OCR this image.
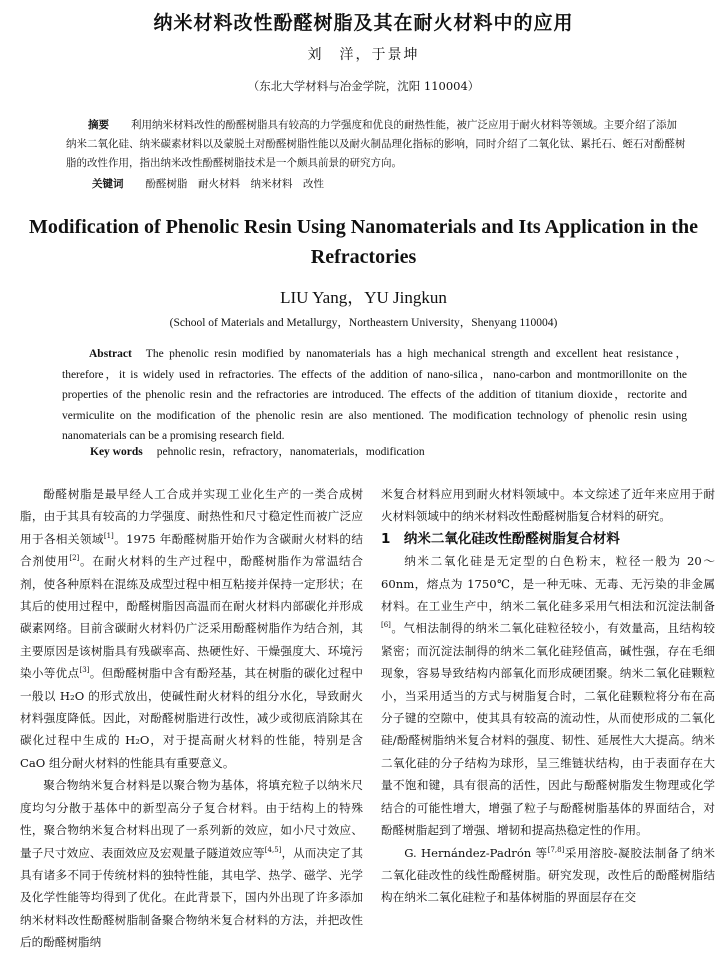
纳米材料改性酚醛树脂及其在耐火材料中的应用
刘　洋，于景坤
（东北大学材料与冶金学院，沈阳 110004）
摘要 利用纳米材料改性的酚醛树脂具有较高的力学强度和优良的耐热性能，被广泛应用于耐火材料等领域。主要介绍了添加纳米二氧化硅、纳米碳素材料以及蒙脱土对酚醛树脂性能以及耐火制品理化指标的影响，同时介绍了二氧化钛、累托石、蛭石对酚醛树脂的改性作用，指出纳米改性酚醛树脂技术是一个颇具前景的研究方向。
关键词 酚醛树脂　耐火材料　纳米材料　改性
Modification of Phenolic Resin Using Nanomaterials and Its Application in the Refractories
LIU Yang，YU Jingkun
(School of Materials and Metallurgy，Northeastern University，Shenyang 110004)
Abstract The phenolic resin modified by nanomaterials has a high mechanical strength and excellent heat resistance，therefore，it is widely used in refractories. The effects of the addition of nano-silica，nano-carbon and montmorillonite on the properties of the phenolic resin and the refractories are introduced. The effects of the addition of titanium dioxide，rectorite and vermiculite on the modification of the phenolic resin are also mentioned. The modification technology of phenolic resin using nanomaterials can be a promising research field.
Key words pehnolic resin，refractory，nanomaterials，modification

酚醛树脂是最早经人工合成并实现工业化生产的一类合成树脂，由于其具有较高的力学强度、耐热性和尺寸稳定性而被广泛应用于各相关领域[1]。1975 年酚醛树脂开始作为含碳耐火材料的结合剂使用[2]。在耐火材料的生产过程中，酚醛树脂作为常温结合剂，使各种原料在混练及成型过程中相互粘接并保持一定形状；在其后的使用过程中，酚醛树脂因高温而在耐火材料内部碳化并形成碳素网络。目前含碳耐火材料仍广泛采用酚醛树脂作为结合剂，其主要原因是该树脂具有残碳率高、热硬性好、干燥强度大、环境污染小等优点[3]。但酚醛树脂中含有酚羟基，其在树脂的碳化过程中一般以 H₂O 的形式放出，使碱性耐火材料的组分水化，导致耐火材料强度降低。因此，对酚醛树脂进行改性，减少或彻底消除其在碳化过程中生成的 H₂O，对于提高耐火材料的性能，特别是含 CaO 组分耐火材料的性能具有重要意义。

聚合物纳米复合材料是以聚合物为基体，将填充粒子以纳米尺度均匀分散于基体中的新型高分子复合材料。由于结构上的特殊性，聚合物纳米复合材料出现了一系列新的效应，如小尺寸效应、量子尺寸效应、表面效应及宏观量子隧道效应等[4,5]，从而决定了其具有诸多不同于传统材料的独特性能，其电学、热学、磁学、光学及化学性能等均得到了优化。在此背景下，国内外出现了许多添加纳米材料改性酚醛树脂制备聚合物纳米复合材料的方法，并把改性后的酚醛树脂纳

米复合材料应用到耐火材料领域中。本文综述了近年来应用于耐火材料领域中的纳米材料改性酚醛树脂复合材料的研究。

1　纳米二氧化硅改性酚醛树脂复合材料

纳米二氧化硅是无定型的白色粉末，粒径一般为 20～60nm，熔点为 1750℃，是一种无味、无毒、无污染的非金属材料。在工业生产中，纳米二氧化硅多采用气相法和沉淀法制备[6]。气相法制得的纳米二氧化硅粒径较小，有效量高，且结构较紧密；而沉淀法制得的纳米二氧化硅羟值高，碱性强，存在毛细现象，容易导致结构内部氧化而形成硬团聚。纳米二氧化硅颗粒小，当采用适当的方式与树脂复合时，二氧化硅颗粒将分布在高分子键的空隙中，使其具有较高的流动性，从而使形成的二氧化硅/酚醛树脂纳米复合材料的强度、韧性、延展性大大提高。纳米二氧化硅的分子结构为球形，呈三维链状结构，由于表面存在大量不饱和键，具有很高的活性，因此与酚醛树脂发生物理或化学结合的可能性增大，增强了粒子与酚醛树脂基体的界面结合，对酚醛树脂起到了增强、增韧和提高热稳定性的作用。

G. Hernández-Padrón 等[7,8]采用溶胶-凝胶法制备了纳米二氧化硅改性的线性酚醛树脂。研究发现，改性后的酚醛树脂结构在纳米二氧化硅粒子和基体树脂的界面层存在交
